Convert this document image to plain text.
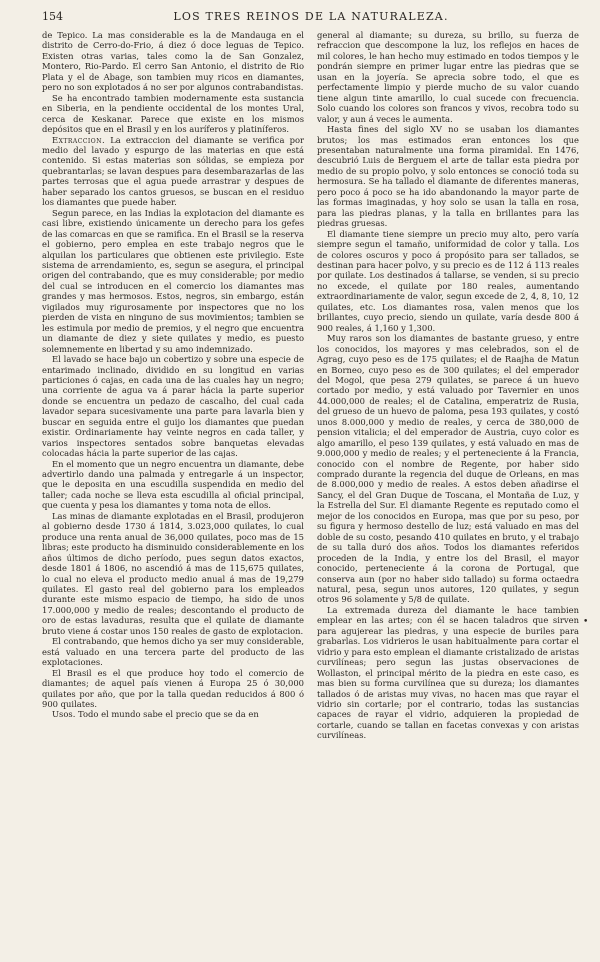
154	LOS TRES REINOS DE LA NATURALEZA.

de Tepico. La mas considerable es la de Mandauga en el distrito de Cerro-do-Frio, á diez ó doce leguas de Tepico. Existen otras varias, tales como la de San Gonzalez, Montero, Rio-Pardo. El cerro San Antonio, el distrito de Rio Plata y el de Abage, son tambien muy ricos en diamantes, pero no son explotados á no ser por algunos contrabandistas.

Se ha encontrado tambien modernamente esta sustancia en Siberia, en la pendiente occidental de los montes Ural, cerca de Keskanar. Parece que existe en los mismos depósitos que en el Brasil y en los auríferos y platiníferos.

Extraccion. La extraccion del diamante se verifica por medio del lavado y espurgo de las materias en que está contenido. Si estas materias son sólidas, se empieza por quebrantarlas; se lavan despues para desembarazarlas de las partes terrosas que el agua puede arrastrar y despues de haber separado los cantos gruesos, se buscan en el residuo los diamantes que puede haber.

Segun parece, en las Indias la explotacion del diamante es casi libre, existiendo únicamente un derecho para los gefes de las comarcas en que se ramifica. En el Brasil se la reserva el gobierno, pero emplea en este trabajo negros que le alquilan los particulares que obtienen este privilegio. Este sistema de arrendamiento, es, segun se asegura, el principal origen del contrabando, que es muy considerable; por medio del cual se introducen en el comercio los diamantes mas grandes y mas hermosos. Estos, negros, sin embargo, están vigilados muy rigurosamente por inspectores que no los pierden de vista en ninguno de sus movimientos; tambien se les estimula por medio de premios, y el negro que encuentra un diamante de diez y siete quilates y medio, es puesto solemnemente en libertad y su amo indemnizado.

El lavado se hace bajo un cobertizo y sobre una especie de entarimado inclinado, dividido en su longitud en varias particiones ó cajas, en cada una de las cuales hay un negro; una corriente de agua va á parar hácia la parte superior donde se encuentra un pedazo de cascalho, del cual cada lavador separa sucesivamente una parte para lavarla bien y buscar en seguida entre el guijo los diamantes que puedan existir. Ordinariamente hay veinte negros en cada taller, y varios inspectores sentados sobre banquetas elevadas colocadas hácia la parte superior de las cajas.

En el momento que un negro encuentra un diamante, debe advertirlo dando una palmada y entregarle á un inspector, que le deposita en una escudilla suspendida en medio del taller; cada noche se lleva esta escudilla al oficial principal, que cuenta y pesa los diamantes y toma nota de ellos.

Las minas de diamante explotadas en el Brasil, produjeron al gobierno desde 1730 á 1814, 3.023,000 quilates, lo cual produce una renta anual de 36,000 quilates, poco mas de 15 libras; este producto ha disminuido considerablemente en los años últimos de dicho período, pues segun datos exactos, desde 1801 á 1806, no ascendió á mas de 115,675 quilates, lo cual no eleva el producto medio anual á mas de 19,279 quilates. El gasto real del gobierno para los empleados durante este mismo espacio de tiempo, ha sido de unos 17.000,000 y medio de reales; descontando el producto de oro de estas lavaduras, resulta que el quilate de diamante bruto viene á costar unos 150 reales de gasto de explotacion.

El contrabando, que hemos dicho ya ser muy considerable, está valuado en una tercera parte del producto de las explotaciones.

El Brasil es el que produce hoy todo el comercio de diamantes; de aquel país vienen á Europa 25 ó 30,000 quilates por año, que por la talla quedan reducidos á 800 ó 900 quilates.

Usos. Todo el mundo sabe el precio que se da en

general al diamante; su dureza, su brillo, su fuerza de refraccion que descompone la luz, los reflejos en haces de mil colores, le han hecho muy estimado en todos tiempos y le pondrán siempre en primer lugar entre las piedras que se usan en la joyería. Se aprecia sobre todo, el que es perfectamente limpio y pierde mucho de su valor cuando tiene algun tinte amarillo, lo cual sucede con frecuencia. Solo cuando los colores son francos y vivos, recobra todo su valor, y aun á veces le aumenta.

Hasta fines del siglo XV no se usaban los diamantes brutos; los mas estimados eran entonces los que presentaban naturalmente una forma piramidal. En 1476, descubrió Luis de Berguem el arte de tallar esta piedra por medio de su propio polvo, y solo entonces se conoció toda su hermosura. Se ha tallado el diamante de diferentes maneras, pero poco á poco se ha ido abandonando la mayor parte de las formas imaginadas, y hoy solo se usan la talla en rosa, para las piedras planas, y la talla en brillantes para las piedras gruesas.

El diamante tiene siempre un precio muy alto, pero varía siempre segun el tamaño, uniformidad de color y talla. Los de colores oscuros y poco á propósito para ser tallados, se destinan para hacer polvo, y su precio es de 112 á 113 reales por quilate. Los destinados á tallarse, se venden, si su precio no excede, el quilate por 180 reales, aumentando extraordinariamente de valor, segun excede de 2, 4, 8, 10, 12 quilates, etc. Los diamantes rosa, valen menos que los brillantes, cuyo precio, siendo un quilate, varía desde 800 á 900 reales, á 1,160 y 1,300.

Muy raros son los diamantes de bastante grueso, y entre los conocidos, los mayores y mas celebrados, son el de Agrag, cuyo peso es de 175 quilates; el de Raajha de Matun en Borneo, cuyo peso es de 300 quilates; el del emperador del Mogol, que pesa 279 quilates, se parece á un huevo cortado por medio, y está valuado por Tavernier en unos 44.000,000 de reales; el de Catalina, emperatriz de Rusia, del grueso de un huevo de paloma, pesa 193 quilates, y costó unos 8.000,000 y medio de reales, y cerca de 380,000 de pension vitalicia; el del emperador de Austria, cuyo color es algo amarillo, el peso 139 quilates, y está valuado en mas de 9.000,000 y medio de reales; y el perteneciente á la Francia, conocido con el nombre de Regente, por haber sido comprado durante la regencia del duque de Orleans, en mas de 8.000,000 y medio de reales. A estos deben añadirse el Sancy, el del Gran Duque de Toscana, el Montaña de Luz, y la Estrella del Sur. El diamante Regente es reputado como el mejor de los conocidos en Europa, mas que por su peso, por su figura y hermoso destello de luz; está valuado en mas del doble de su costo, pesando 410 quilates en bruto, y el trabajo de su talla duró dos años. Todos los diamantes referidos proceden de la India, y entre los del Brasil, el mayor conocido, perteneciente á la corona de Portugal, que conserva aun (por no haber sido tallado) su forma octaedra natural, pesa, segun unos autores, 120 quilates, y segun otros 96 solamente y 5/8 de quilate.

La extremada dureza del diamante le hace tambien emplear en las artes; con él se hacen taladros que sirven para agujerear las piedras, y una especie de buriles para grabarlas. Los vidrieros le usan habitualmente para cortar el vidrio y para esto emplean el diamante cristalizado de aristas curvilíneas; pero segun las justas observaciones de Wollaston, el principal mérito de la piedra en este caso, es mas bien su forma curvilínea que su dureza; los diamantes tallados ó de aristas muy vivas, no hacen mas que rayar el vidrio sin cortarle; por el contrario, todas las sustancias capaces de rayar el vidrio, adquieren la propiedad de cortarle, cuando se tallan en facetas convexas y con aristas curvilíneas.

•
